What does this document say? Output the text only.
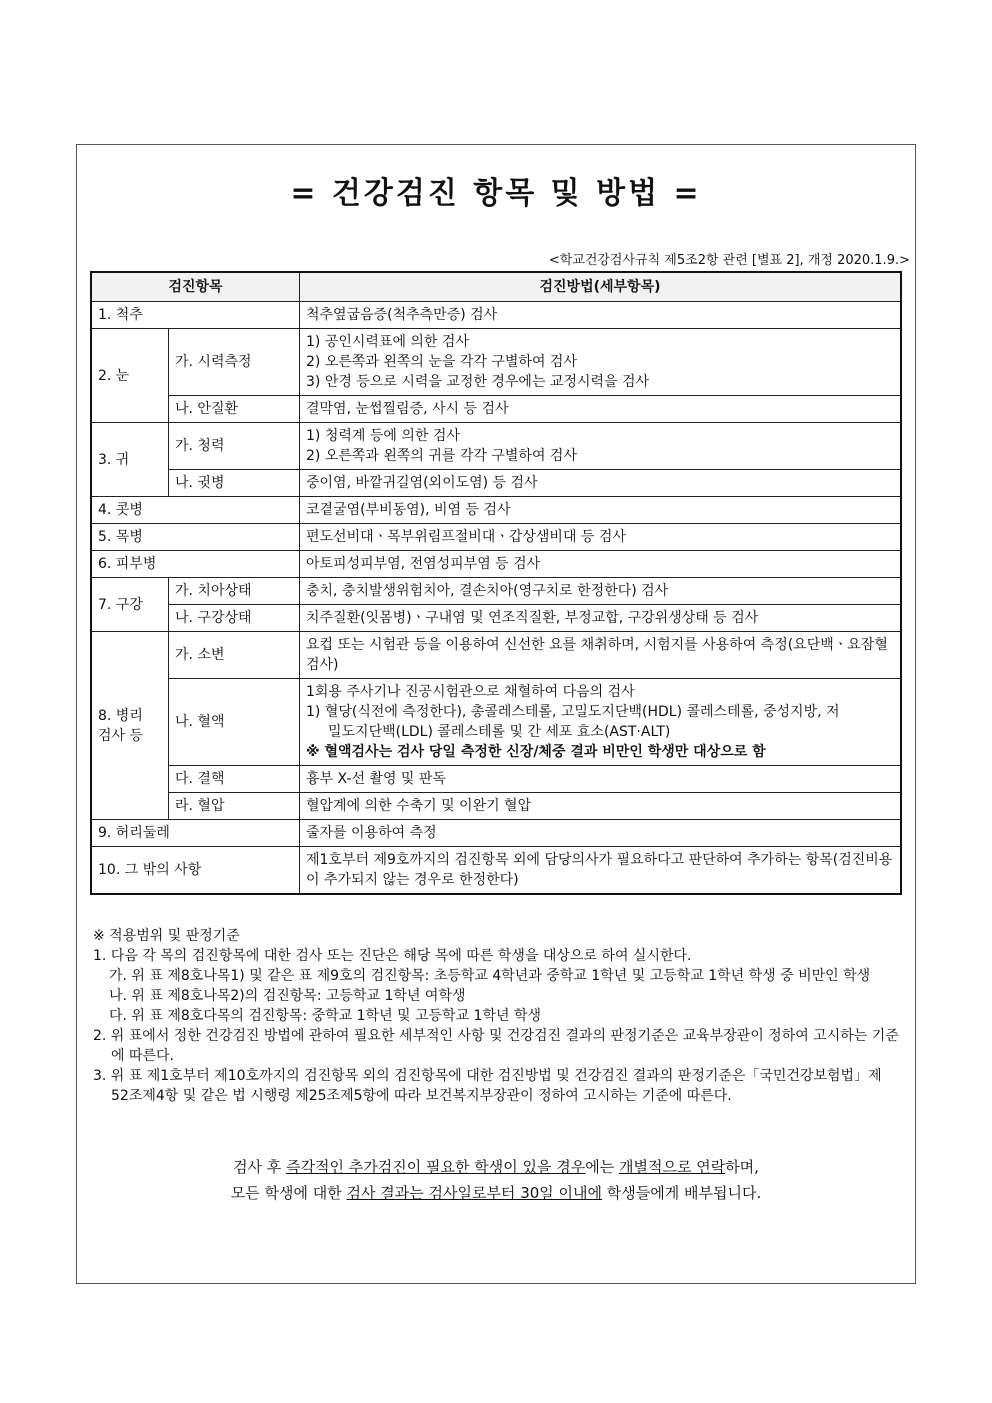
= 건강검진 항목 및 방법 =
<학교건강검사규칙 제5조2항 관련 [별표 2], 개정 2020.1.9.>
검진항목		검진방법(세부항목)
1. 척추		척추옆굽음증(척추측만증) 검사
2. 눈	가. 시력측정	1) 공인시력표에 의한 검사
2) 오른쪽과 왼쪽의 눈을 각각 구별하여 검사
3) 안경 등으로 시력을 교정한 경우에는 교정시력을 검사

	나. 안질환	결막염, 눈썹찔림증, 사시 등 검사
3. 귀	가. 청력	1) 청력계 등에 의한 검사
2) 오른쪽과 왼쪽의 귀를 각각 구별하여 검사

	나. 귓병	중이염, 바깥귀길염(외이도염) 등 검사
4. 콧병		코곁굴염(부비동염), 비염 등 검사
5. 목병		편도선비대ㆍ목부위림프절비대ㆍ갑상샘비대 등 검사
6. 피부병		아토피성피부염, 전염성피부염 등 검사
7. 구강	가. 치아상태	충치, 충치발생위험치아, 결손치아(영구치로 한정한다) 검사
	나. 구강상태	치주질환(잇몸병)ㆍ구내염 및 연조직질환, 부정교합, 구강위생상태 등 검사

8. 병리
검사 등	가. 소변	요컵 또는 시험관 등을 이용하여 신선한 요를 채취하며, 시험지를 사용하여 측정(요단백ㆍ요잠혈 검사)
	나. 혈액	1회용 주사기나 진공시험관으로 채혈하여 다음의 검사
1) 혈당(식전에 측정한다), 총콜레스테롤, 고밀도지단백(HDL) 콜레스테롤, 중성지방, 저
밀도지단백(LDL) 콜레스테롤 및 간 세포 효소(AST·ALT)
※ 혈액검사는 검사 당일 측정한 신장/체중 결과 비만인 학생만 대상으로 함

	다. 결핵	흉부 X-선 촬영 및 판독
	라. 혈압	혈압계에 의한 수축기 및 이완기 혈압
9. 허리둘레		줄자를 이용하여 측정
10. 그 밖의 사항		제1호부터 제9호까지의 검진항목 외에 담당의사가 필요하다고 판단하여 추가하는 항목(검진비용이 추가되지 않는 경우로 한정한다)

※ 적용범위 및 판정기준

1. 다음 각 목의 검진항목에 대한 검사 또는 진단은 해당 목에 따른 학생을 대상으로 하여 실시한다.

가. 위 표 제8호나목1) 및 같은 표 제9호의 검진항목: 초등학교 4학년과 중학교 1학년 및 고등학교 1학년 학생 중 비만인 학생

나. 위 표 제8호나목2)의 검진항목: 고등학교 1학년 여학생

다. 위 표 제8호다목의 검진항목: 중학교 1학년 및 고등학교 1학년 학생

2. 위 표에서 정한 건강검진 방법에 관하여 필요한 세부적인 사항 및 건강검진 결과의 판정기준은 교육부장관이 정하여 고시하는 기준에 따른다.

3. 위 표 제1호부터 제10호까지의 검진항목 외의 검진항목에 대한 검진방법 및 건강검진 결과의 판정기준은「국민건강보험법」제52조제4항 및 같은 법 시행령 제25조제5항에 따라 보건복지부장관이 정하여 고시하는 기준에 따른다.

검사 후 즉각적인 추가검진이 필요한 학생이 있을 경우에는 개별적으로 연락하며,
모든 학생에 대한 검사 결과는 검사일로부터 30일 이내에 학생들에게 배부됩니다.
